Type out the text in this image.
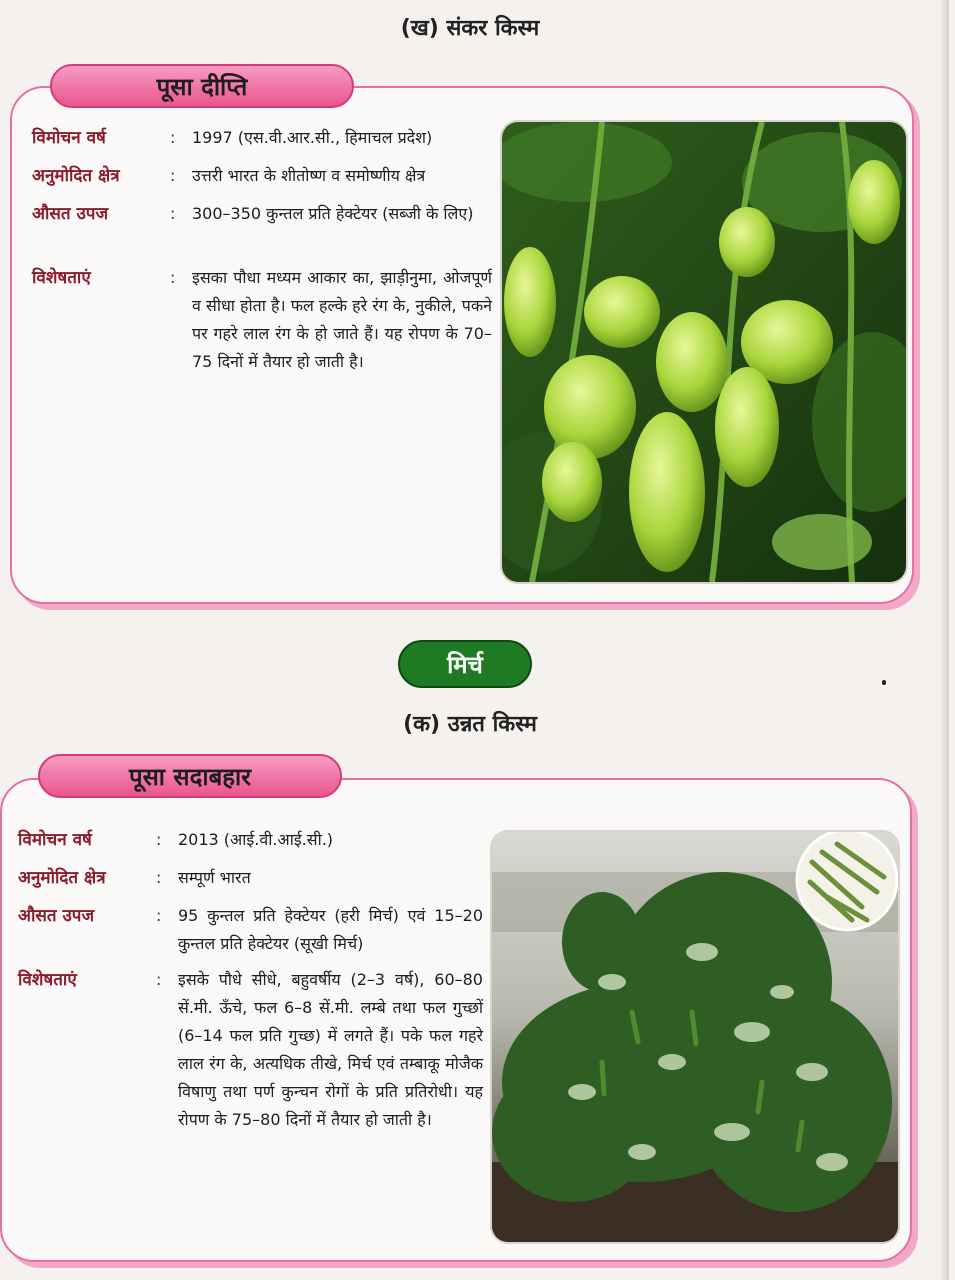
(ख) संकर किस्म
पूसा दीप्ति
विमोचन वर्ष	:	1997 (एस.वी.आर.सी., हिमाचल प्रदेश)
अनुमोदित क्षेत्र	:	उत्तरी भारत के शीतोष्ण व समोष्णीय क्षेत्र
औसत उपज	:	300–350 कुन्तल प्रति हेक्टेयर (सब्जी के लिए)
विशेषताएं	:	इसका पौधा मध्यम आकार का, झाड़ीनुमा, ओजपूर्ण व सीधा होता है। फल हल्के हरे रंग के, नुकीले, पकने पर गहरे लाल रंग के हो जाते हैं। यह रोपण के 70–75 दिनों में तैयार हो जाती है।
मिर्च
(क) उन्नत किस्म
पूसा सदाबहार
विमोचन वर्ष	:	2013 (आई.वी.आई.सी.)
अनुमोदित क्षेत्र	:	सम्पूर्ण भारत
औसत उपज	:	95 कुन्तल प्रति हेक्टेयर (हरी मिर्च) एवं 15–20 कुन्तल प्रति हेक्टेयर (सूखी मिर्च)
विशेषताएं	:	इसके पौधे सीधे, बहुवर्षीय (2–3 वर्ष), 60–80 सें.मी. ऊँचे, फल 6–8 सें.मी. लम्बे तथा फल गुच्छों (6–14 फल प्रति गुच्छ) में लगते हैं। पके फल गहरे लाल रंग के, अत्यधिक तीखे, मिर्च एवं तम्बाकू मोजैक विषाणु तथा पर्ण कुन्चन रोगों के प्रति प्रतिरोधी। यह रोपण के 75–80 दिनों में तैयार हो जाती है।
